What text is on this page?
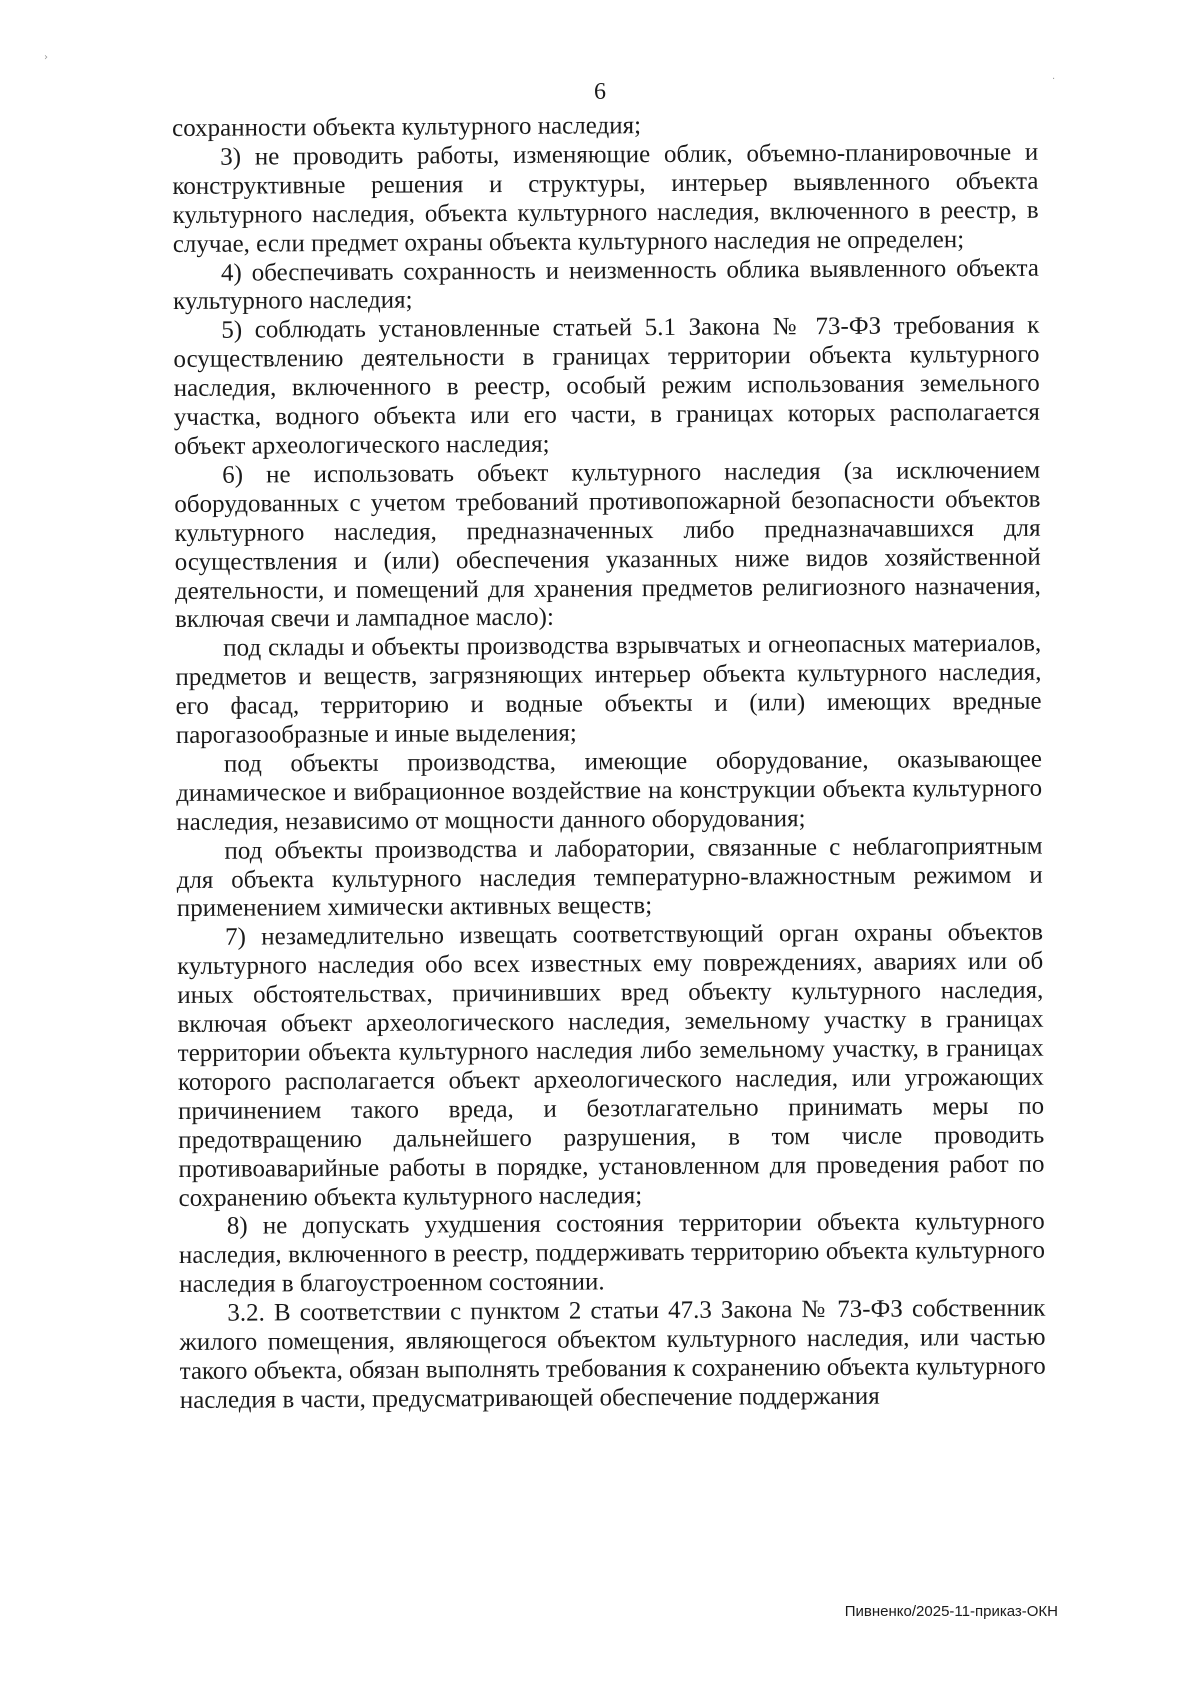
›
·
6

сохранности объекта культурного наследия;

3) не проводить работы, изменяющие облик, объемно-планировочные и конструктивные решения и структуры, интерьер выявленного объекта культурного наследия, объекта культурного наследия, включенного в реестр, в случае, если предмет охраны объекта культурного наследия не определен;

4) обеспечивать сохранность и неизменность облика выявленного объекта культурного наследия;

5) соблюдать установленные статьей 5.1 Закона № 73-ФЗ требования к осуществлению деятельности в границах территории объекта культурного наследия, включенного в реестр, особый режим использования земельного участка, водного объекта или его части, в границах которых располагается объект археологического наследия;

6) не использовать объект культурного наследия (за исключением оборудованных с учетом требований противопожарной безопасности объектов культурного наследия, предназначенных либо предназначавшихся для осуществления и (или) обеспечения указанных ниже видов хозяйственной деятельности, и помещений для хранения предметов религиозного назначения, включая свечи и лампадное масло):

под склады и объекты производства взрывчатых и огнеопасных материалов, предметов и веществ, загрязняющих интерьер объекта культурного наследия, его фасад, территорию и водные объекты и (или) имеющих вредные парогазообразные и иные выделения;

под объекты производства, имеющие оборудование, оказывающее динамическое и вибрационное воздействие на конструкции объекта культурного наследия, независимо от мощности данного оборудования;

под объекты производства и лаборатории, связанные с неблагоприятным для объекта культурного наследия температурно-влажностным режимом и применением химически активных веществ;

7) незамедлительно извещать соответствующий орган охраны объектов культурного наследия обо всех известных ему повреждениях, авариях или об иных обстоятельствах, причинивших вред объекту культурного наследия, включая объект археологического наследия, земельному участку в границах территории объекта культурного наследия либо земельному участку, в границах которого располагается объект археологического наследия, или угрожающих причинением такого вреда, и безотлагательно принимать меры по предотвращению дальнейшего разрушения, в том числе проводить противоаварийные работы в порядке, установленном для проведения работ по сохранению объекта культурного наследия;

8) не допускать ухудшения состояния территории объекта культурного наследия, включенного в реестр, поддерживать территорию объекта культурного наследия в благоустроенном состоянии.

3.2. В соответствии с пунктом 2 статьи 47.3 Закона № 73-ФЗ собственник жилого помещения, являющегося объектом культурного наследия, или частью такого объекта, обязан выполнять требования к сохранению объекта культурного наследия в части, предусматривающей обеспечение поддержания

Пивненко/2025-11-приказ-ОКН
